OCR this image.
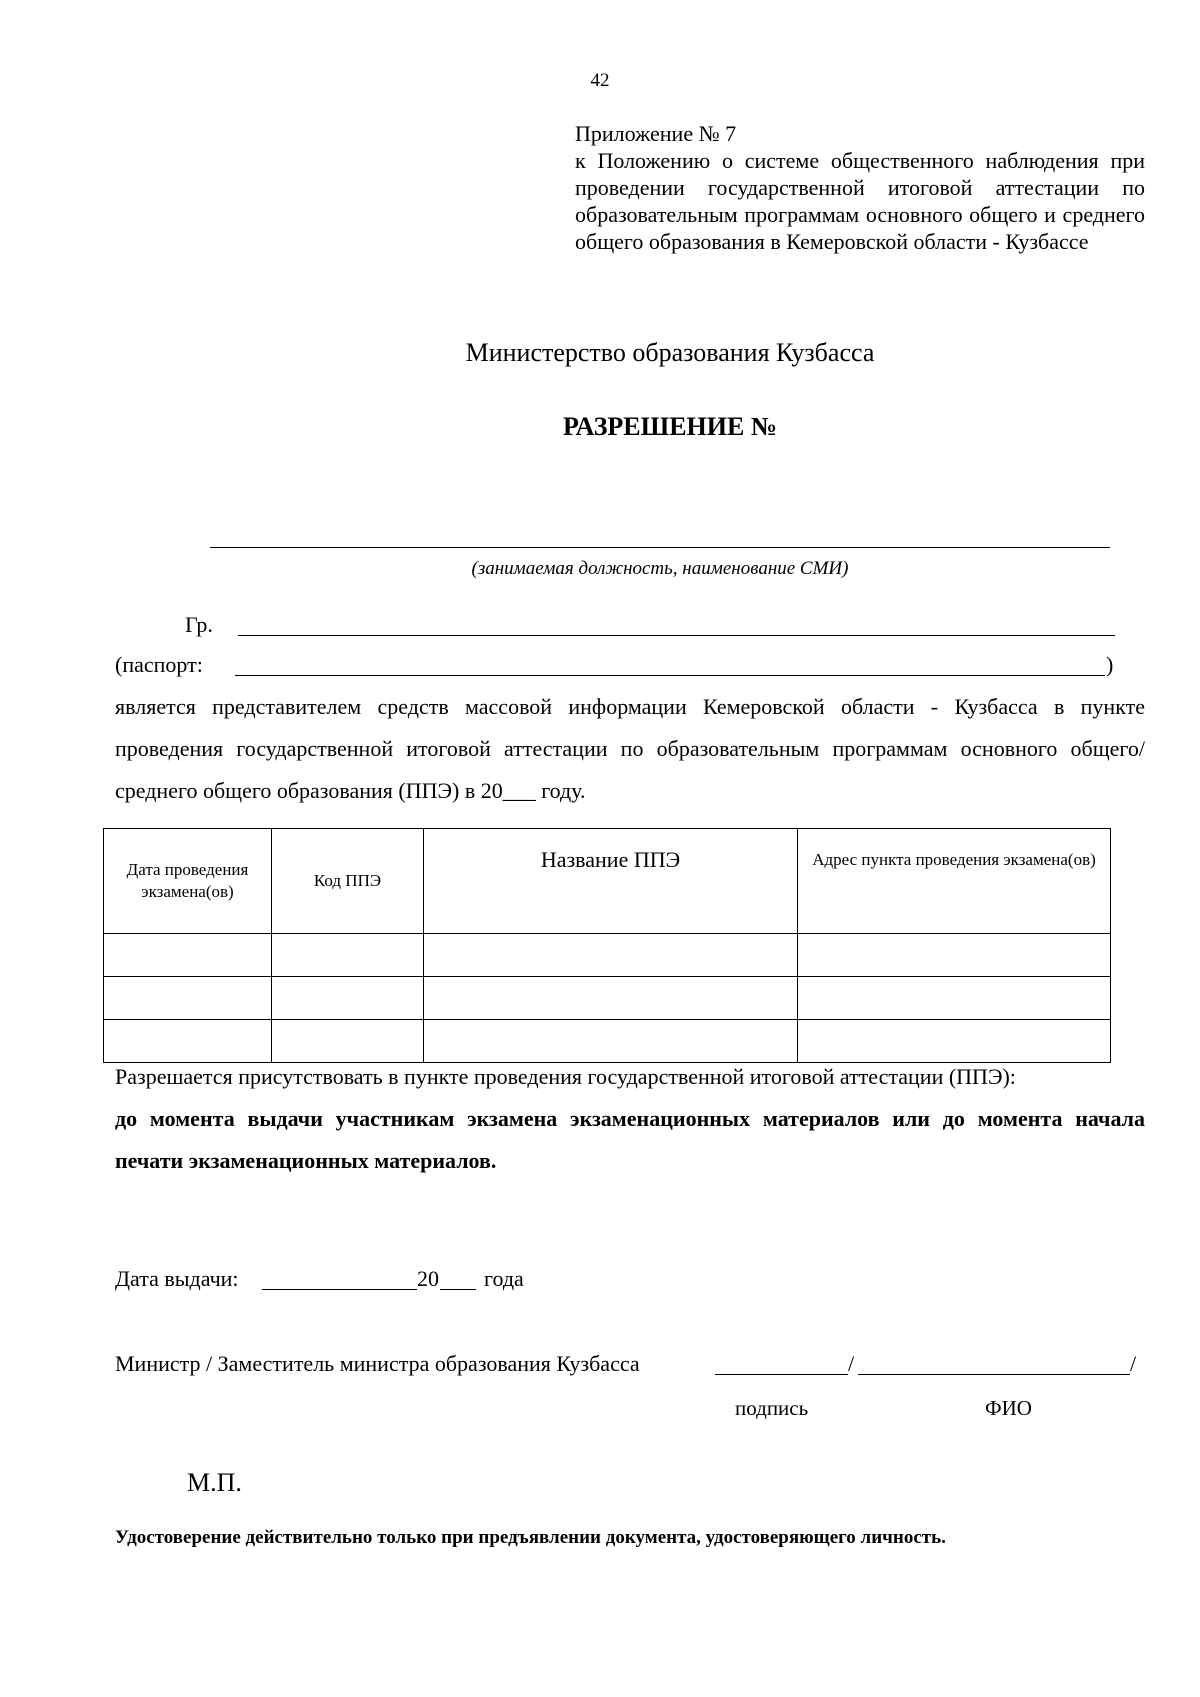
42
Приложение № 7
к Положению о системе общественного наблюдения при проведении государственной итоговой аттестации по образовательным программам основного общего и среднего общего образования в Кемеровской области - Кузбассе
Министерство образования Кузбасса
РАЗРЕШЕНИЕ №
(занимаемая должность, наименование СМИ)
Гр.
(паспорт:	)
является представителем средств массовой информации Кемеровской области - Кузбасса в пункте проведения государственной итоговой аттестации по образовательным программам основного общего/среднего общего образования (ППЭ) в 20___ году.
Дата проведения экзамена(ов)	Код ППЭ	Название ППЭ	Адрес пункта проведения экзамена(ов)

Разрешается присутствовать в пункте проведения государственной итоговой аттестации (ППЭ):
до момента выдачи участникам экзамена экзаменационных материалов или до момента начала печати экзаменационных материалов.
Дата выдачи:	20 года
Министр / Заместитель министра образования Кузбасса	/	/
подпись	ФИО
М.П.
Удостоверение действительно только при предъявлении документа, удостоверяющего личность.
